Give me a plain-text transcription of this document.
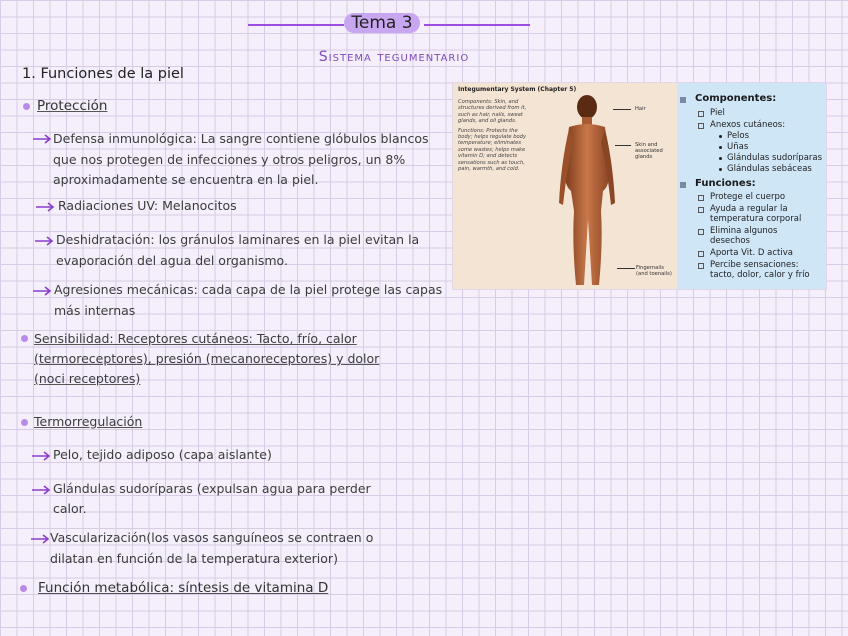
Tema 3
Sistema tegumentario
1. Funciones de la piel
Protección
Defensa inmunológica: La sangre contiene glóbulos blancos
que nos protegen de infecciones y otros peligros, un 8%
aproximadamente se encuentra en la piel.
Radiaciones UV: Melanocitos
Deshidratación: los gránulos laminares en la piel evitan la
evaporación del agua del organismo.
Agresiones mecánicas: cada capa de la piel protege las capas
más internas
Sensibilidad: Receptores cutáneos: Tacto, frío, calor
(termoreceptores), presión (mecanoreceptores) y dolor
(noci receptores)
Termorregulación
Pelo, tejido adiposo (capa aislante)
Glándulas sudoríparas (expulsan agua para perder
calor.
Vascularización(los vasos sanguíneos se contraen o
dilatan en función de la temperatura exterior)
Función metabólica: síntesis de vitamina D
Integumentary System (Chapter 5)
Components: Skin, and structures derived from it, such as hair, nails, sweat glands, and oil glands.
Functions: Protects the body; helps regulate body temperature; eliminates some wastes; helps make vitamin D; and detects sensations such as touch, pain, warmth, and cold.
Hair
Skin and
associated
glands
Fingernails
(and toenails)
Componentes:
Piel
Anexos cutáneos:
Pelos
Uñas
Glándulas sudoríparas
Glándulas sebáceas
Funciones:
Protege el cuerpo
Ayuda a regular la
temperatura corporal
Elimina algunos
desechos
Aporta Vit. D activa
Percibe sensaciones:
tacto, dolor, calor y frío
